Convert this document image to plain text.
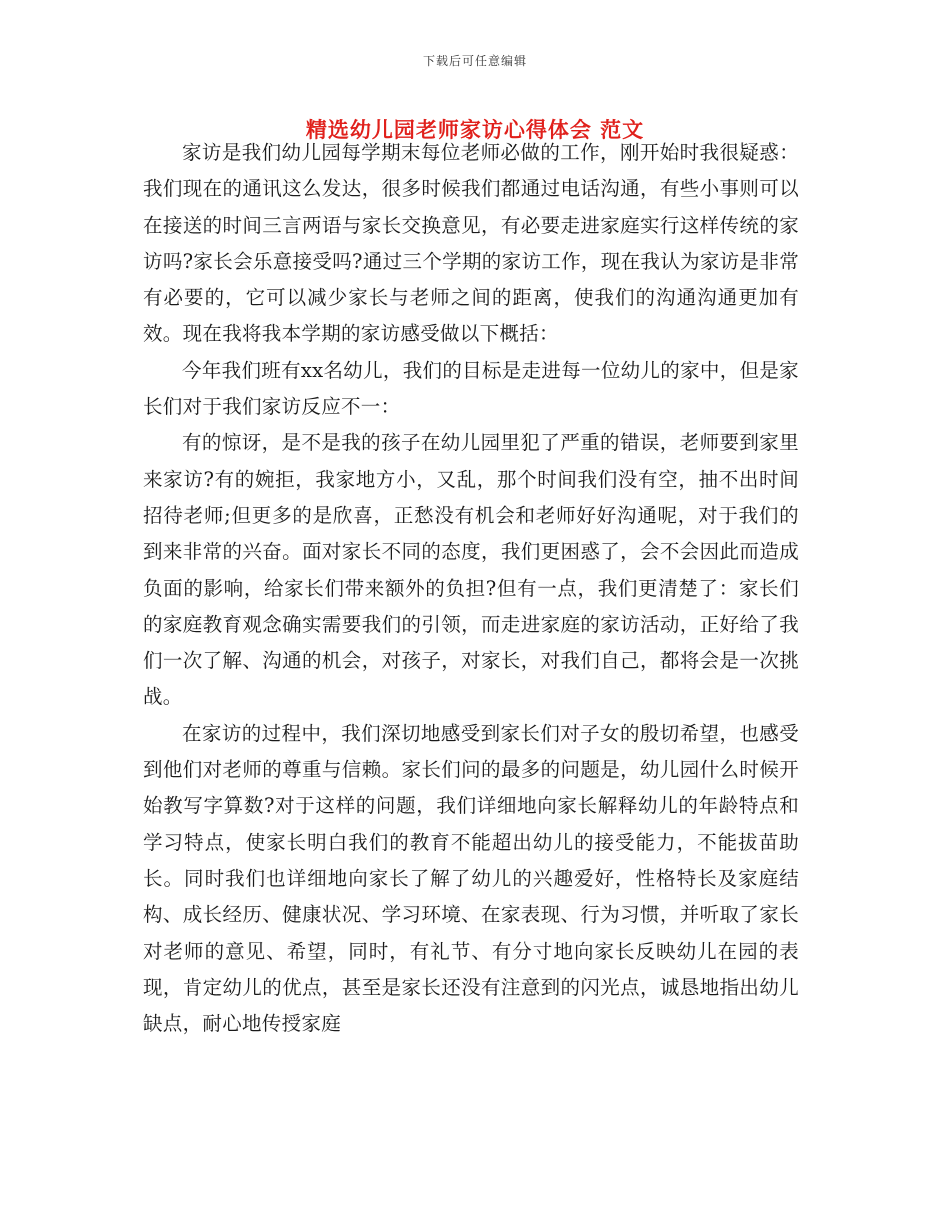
下载后可任意编辑
精选幼儿园老师家访心得体会 范文

家访是我们幼儿园每学期末每位老师必做的工作，刚开始时我很疑惑：我们现在的通讯这么发达，很多时候我们都通过电话沟通，有些小事则可以在接送的时间三言两语与家长交换意见，有必要走进家庭实行这样传统的家访吗?家长会乐意接受吗?通过三个学期的家访工作，现在我认为家访是非常有必要的，它可以减少家长与老师之间的距离，使我们的沟通沟通更加有效。现在我将我本学期的家访感受做以下概括：

今年我们班有xx名幼儿，我们的目标是走进每一位幼儿的家中，但是家长们对于我们家访反应不一：

有的惊讶，是不是我的孩子在幼儿园里犯了严重的错误，老师要到家里来家访?有的婉拒，我家地方小，又乱，那个时间我们没有空，抽不出时间招待老师;但更多的是欣喜，正愁没有机会和老师好好沟通呢，对于我们的到来非常的兴奋。面对家长不同的态度，我们更困惑了，会不会因此而造成负面的影响，给家长们带来额外的负担?但有一点，我们更清楚了：家长们的家庭教育观念确实需要我们的引领，而走进家庭的家访活动，正好给了我们一次了解、沟通的机会，对孩子，对家长，对我们自己，都将会是一次挑战。

在家访的过程中，我们深切地感受到家长们对子女的殷切希望，也感受到他们对老师的尊重与信赖。家长们问的最多的问题是，幼儿园什么时候开始教写字算数?对于这样的问题，我们详细地向家长解释幼儿的年龄特点和学习特点，使家长明白我们的教育不能超出幼儿的接受能力，不能拔苗助长。同时我们也详细地向家长了解了幼儿的兴趣爱好，性格特长及家庭结构、成长经历、健康状况、学习环境、在家表现、行为习惯，并听取了家长对老师的意见、希望，同时，有礼节、有分寸地向家长反映幼儿在园的表现，肯定幼儿的优点，甚至是家长还没有注意到的闪光点，诚恳地指出幼儿缺点，耐心地传授家庭
